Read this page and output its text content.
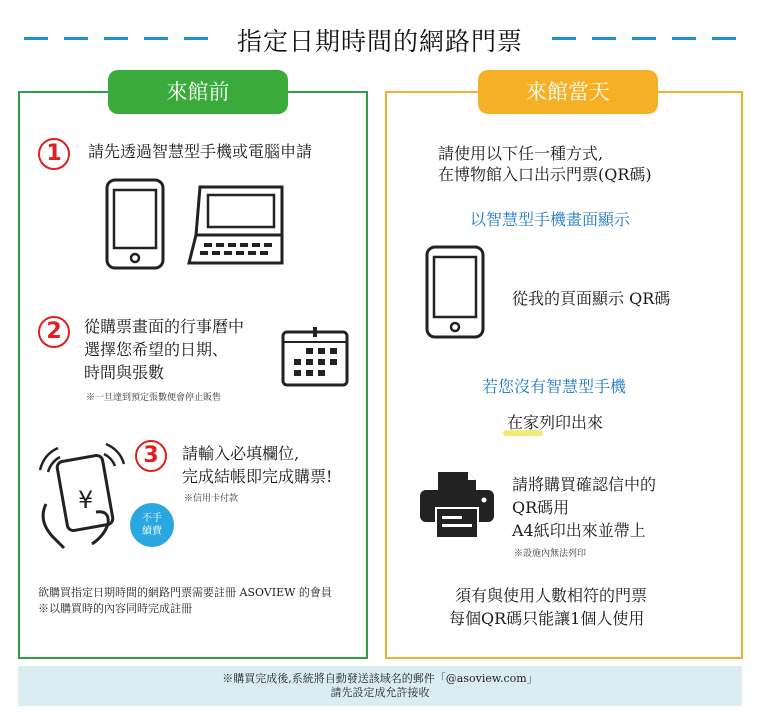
指定日期時間的網路門票
來館前	來館當天
1	請先透過智慧型手機或電腦申請
2	從購票畫面的行事曆中
選擇您希望的日期、
時間與張數
※一旦達到預定張數便會停止販售
¥
不手
續費
3	請輸入必填欄位,
完成結帳即完成購票!
※信用卡付款
欲購買指定日期時間的網路門票需要註冊 ASOVIEW 的會員
※以購買時的內容同時完成註冊
請使用以下任一種方式,
在博物館入口出示門票(QR碼)
以智慧型手機畫面顯示
從我的頁面顯示 QR碼
若您沒有智慧型手機
在家列印出來
請將購買確認信中的
QR碼用
A4紙印出來並帶上
※設施內無法列印
須有與使用人數相符的門票
每個QR碼只能讓1個人使用
※購買完成後,系統將自動發送該域名的郵件「@asoview.com」
請先設定成允許接收
